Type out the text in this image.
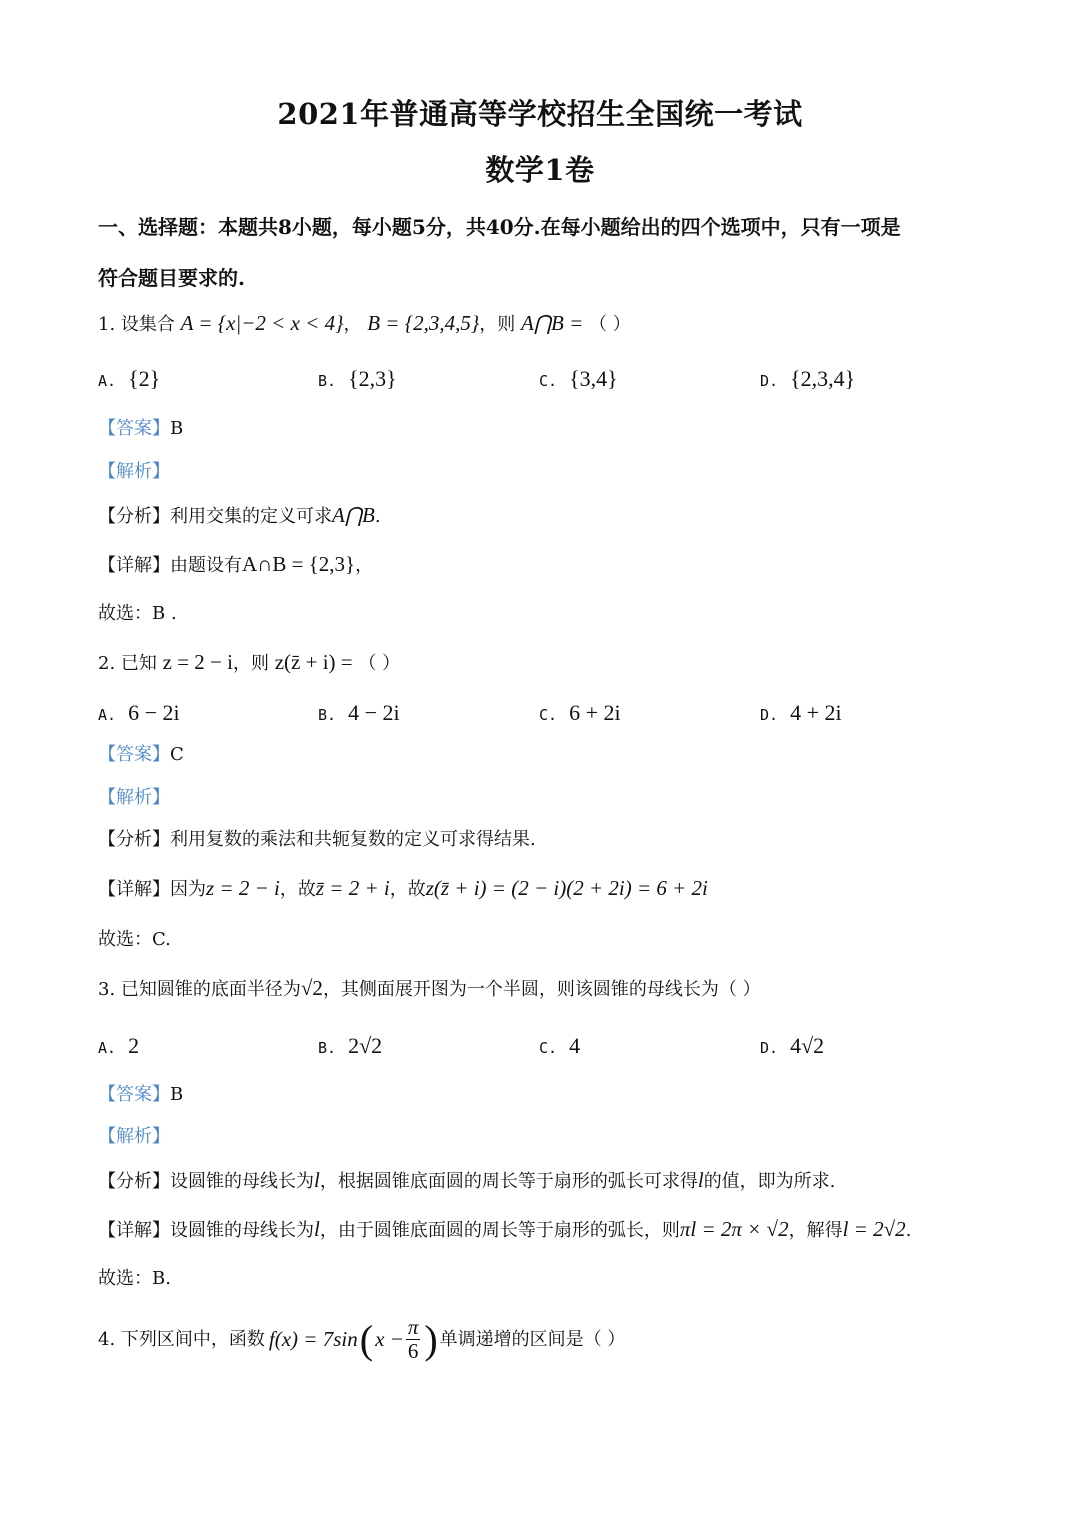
2021年普通高等学校招生全国统一考试
数学1卷
一、选择题：本题共8小题，每小题5分，共40分.在每小题给出的四个选项中，只有一项是
符合题目要求的.
1. 设集合 A = {x|−2 < x < 4}， B = {2,3,4,5}，则 A⋂B = （ ）
A. {2}	B. {2,3}	C. {3,4}	D. {2,3,4}
【答案】B
【解析】
【分析】利用交集的定义可求A⋂B.
【详解】由题设有A∩B = {2,3}，
故选：B .
2. 已知 z = 2 − i，则 z(z̄ + i) = （ ）
A. 6 − 2i	B. 4 − 2i	C. 6 + 2i	D. 4 + 2i
【答案】C
【解析】
【分析】利用复数的乘法和共轭复数的定义可求得结果.
【详解】因为z = 2 − i，故z̄ = 2 + i，故z(z̄ + i) = (2 − i)(2 + 2i) = 6 + 2i
故选：C.
3. 已知圆锥的底面半径为√2，其侧面展开图为一个半圆，则该圆锥的母线长为（ ）
A. 2	B. 2√2	C. 4	D. 4√2
【答案】B
【解析】
【分析】设圆锥的母线长为l，根据圆锥底面圆的周长等于扇形的弧长可求得l的值，即为所求.
【详解】设圆锥的母线长为l，由于圆锥底面圆的周长等于扇形的弧长，则πl = 2π × √2，解得l = 2√2.
故选：B.
4. 下列区间中，函数 f(x) = 7sin ( $x - \frac{\pi}{6}$ ) 单调递增的区间是（ ）
